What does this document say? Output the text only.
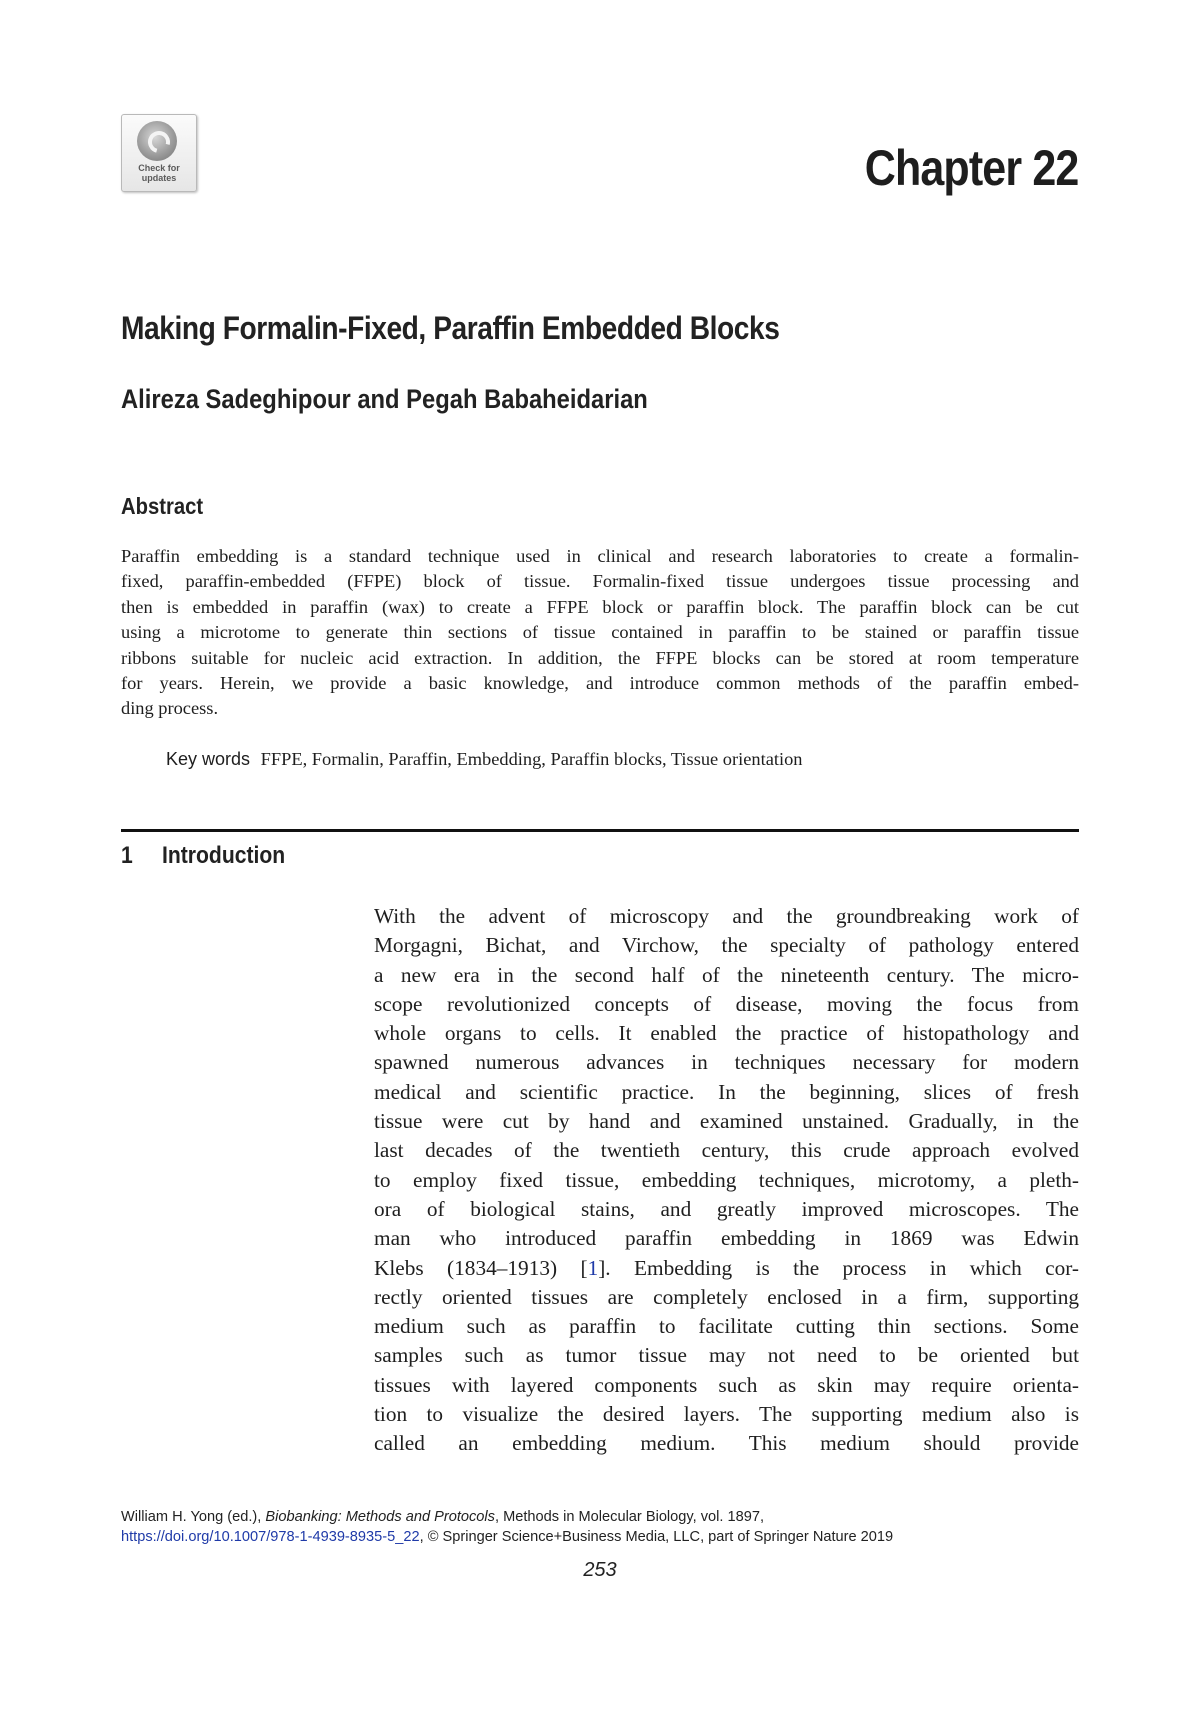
Check for
updates	Chapter 22
Making Formalin-Fixed, Paraffin Embedded Blocks
Alireza Sadeghipour and Pegah Babaheidarian
Abstract
Paraffin embedding is a standard technique used in clinical and research laboratories to create a formalin-
fixed, paraffin-embedded (FFPE) block of tissue. Formalin-fixed tissue undergoes tissue processing and
then is embedded in paraffin (wax) to create a FFPE block or paraffin block. The paraffin block can be cut
using a microtome to generate thin sections of tissue contained in paraffin to be stained or paraffin tissue
ribbons suitable for nucleic acid extraction. In addition, the FFPE blocks can be stored at room temperature
for years. Herein, we provide a basic knowledge, and introduce common methods of the paraffin embed-
ding process.
Key words FFPE, Formalin, Paraffin, Embedding, Paraffin blocks, Tissue orientation
1 Introduction
With the advent of microscopy and the groundbreaking work of
Morgagni, Bichat, and Virchow, the specialty of pathology entered
a new era in the second half of the nineteenth century. The micro-
scope revolutionized concepts of disease, moving the focus from
whole organs to cells. It enabled the practice of histopathology and
spawned numerous advances in techniques necessary for modern
medical and scientific practice. In the beginning, slices of fresh
tissue were cut by hand and examined unstained. Gradually, in the
last decades of the twentieth century, this crude approach evolved
to employ fixed tissue, embedding techniques, microtomy, a pleth-
ora of biological stains, and greatly improved microscopes. The
man who introduced paraffin embedding in 1869 was Edwin
Klebs (1834–1913) [1]. Embedding is the process in which cor-
rectly oriented tissues are completely enclosed in a firm, supporting
medium such as paraffin to facilitate cutting thin sections. Some
samples such as tumor tissue may not need to be oriented but
tissues with layered components such as skin may require orienta-
tion to visualize the desired layers. The supporting medium also is
called an embedding medium. This medium should provide
William H. Yong (ed.), Biobanking: Methods and Protocols, Methods in Molecular Biology, vol. 1897,
https://doi.org/10.1007/978-1-4939-8935-5_22, © Springer Science+Business Media, LLC, part of Springer Nature 2019
253
